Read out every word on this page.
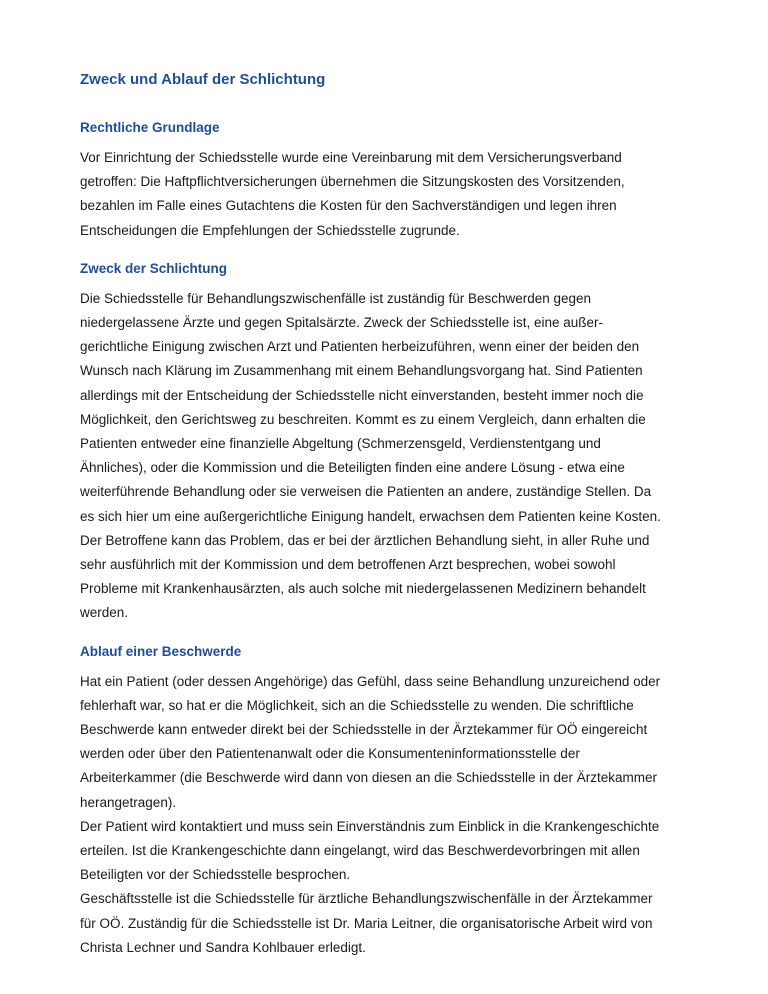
Zweck und Ablauf der Schlichtung
Rechtliche Grundlage

Vor Einrichtung der Schiedsstelle wurde eine Vereinbarung mit dem Versicherungsverband
getroffen: Die Haftpflichtversicherungen übernehmen die Sitzungskosten des Vorsitzenden,
bezahlen im Falle eines Gutachtens die Kosten für den Sachverständigen und legen ihren
Entscheidungen die Empfehlungen der Schiedsstelle zugrunde.

Zweck der Schlichtung

Die Schiedsstelle für Behandlungszwischenfälle ist zuständig für Beschwerden gegen
niedergelassene Ärzte und gegen Spitalsärzte. Zweck der Schiedsstelle ist, eine außer-
gerichtliche Einigung zwischen Arzt und Patienten herbeizuführen, wenn einer der beiden den
Wunsch nach Klärung im Zusammenhang mit einem Behandlungsvorgang hat. Sind Patienten
allerdings mit der Entscheidung der Schiedsstelle nicht einverstanden, besteht immer noch die
Möglichkeit, den Gerichtsweg zu beschreiten. Kommt es zu einem Vergleich, dann erhalten die
Patienten entweder eine finanzielle Abgeltung (Schmerzensgeld, Verdienstentgang und
Ähnliches), oder die Kommission und die Beteiligten finden eine andere Lösung - etwa eine
weiterführende Behandlung oder sie verweisen die Patienten an andere, zuständige Stellen. Da
es sich hier um eine außergerichtliche Einigung handelt, erwachsen dem Patienten keine Kosten.
Der Betroffene kann das Problem, das er bei der ärztlichen Behandlung sieht, in aller Ruhe und
sehr ausführlich mit der Kommission und dem betroffenen Arzt besprechen, wobei sowohl
Probleme mit Krankenhausärzten, als auch solche mit niedergelassenen Medizinern behandelt
werden.

Ablauf einer Beschwerde

Hat ein Patient (oder dessen Angehörige) das Gefühl, dass seine Behandlung unzureichend oder
fehlerhaft war, so hat er die Möglichkeit, sich an die Schiedsstelle zu wenden. Die schriftliche
Beschwerde kann entweder direkt bei der Schiedsstelle in der Ärztekammer für OÖ eingereicht
werden oder über den Patientenanwalt oder die Konsumenteninformationsstelle der
Arbeiterkammer (die Beschwerde wird dann von diesen an die Schiedsstelle in der Ärztekammer
herangetragen).
Der Patient wird kontaktiert und muss sein Einverständnis zum Einblick in die Krankengeschichte
erteilen. Ist die Krankengeschichte dann eingelangt, wird das Beschwerdevorbringen mit allen
Beteiligten vor der Schiedsstelle besprochen.
Geschäftsstelle ist die Schiedsstelle für ärztliche Behandlungszwischenfälle in der Ärztekammer
für OÖ. Zuständig für die Schiedsstelle ist Dr. Maria Leitner, die organisatorische Arbeit wird von
Christa Lechner und Sandra Kohlbauer erledigt.
